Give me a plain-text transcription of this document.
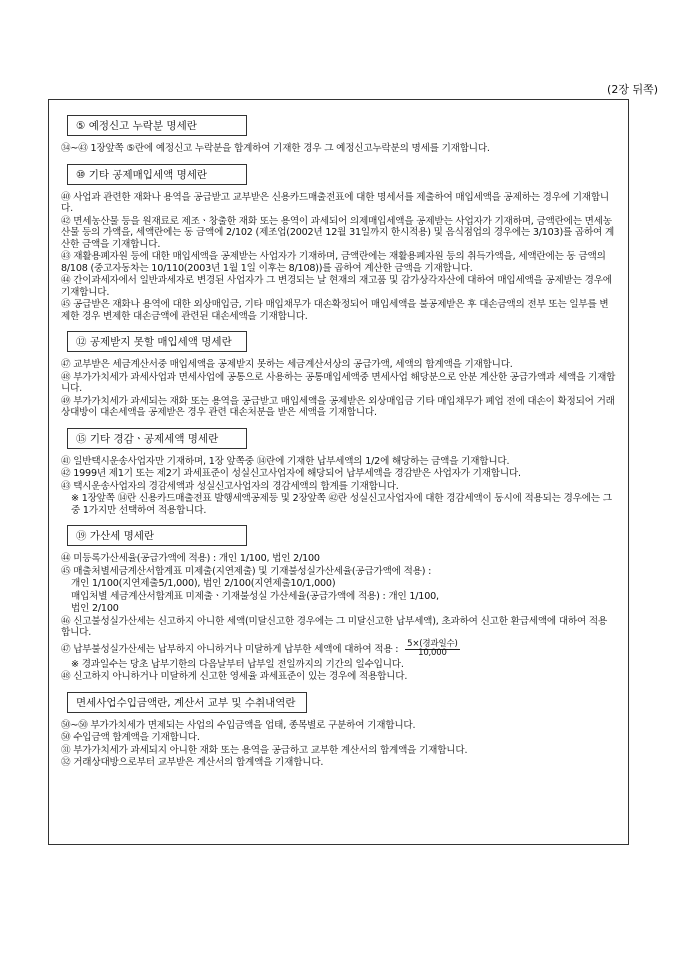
(2장 뒤쪽)
⑤ 예정신고 누락분 명세란

㉞~㊸ 1장앞쪽 ⑤란에 예정신고 누락분을 합계하여 기재한 경우 그 예정신고누락분의 명세를 기재합니다.

⑩ 기타 공제매입세액 명세란

㊵ 사업과 관련한 재화나 용역을 공급받고 교부받은 신용카드매출전표에 대한 명세서를 제출하여 매입세액을 공제하는 경우에 기재합니다.

㊷ 면세농산물 등을 원재료로 제조ㆍ창출한 재화 또는 용역이 과세되어 의제매입세액을 공제받는 사업자가 기재하며, 금액란에는 면세농산물 등의 가액을, 세액란에는 동 금액에 2/102 (제조업(2002년 12월 31일까지 한시적용) 및 음식점업의 경우에는 3/103)를 곱하여 계산한 금액을 기재합니다.

㊸ 재활용폐자원 등에 대한 매입세액을 공제받는 사업자가 기재하며, 금액란에는 재활용폐자원 등의 취득가액을, 세액란에는 동 금액의 8/108 (중고자동차는 10/110(2003년 1월 1일 이후는 8/108))를 곱하여 계산한 금액을 기재합니다.

㊹ 간이과세자에서 일반과세자로 변경된 사업자가 그 변경되는 날 현재의 재고품 및 감가상각자산에 대하여 매입세액을 공제받는 경우에 기재합니다.

㊺ 공급받은 재화나 용역에 대한 외상매입금, 기타 매입채무가 대손확정되어 매입세액을 불공제받은 후 대손금액의 전부 또는 일부를 변제한 경우 변제한 대손금액에 관련된 대손세액을 기재합니다.

⑫ 공제받지 못할 매입세액 명세란

㊼ 교부받은 세금계산서중 매입세액을 공제받지 못하는 세금계산서상의 공급가액, 세액의 합계액을 기재합니다.

㊽ 부가가치세가 과세사업과 면세사업에 공통으로 사용하는 공통매입세액중 면세사업 해당분으로 안분 계산한 공급가액과 세액을 기재합니다.

㊾ 부가가치세가 과세되는 재화 또는 용역을 공급받고 매입세액을 공제받은 외상매입금 기타 매입채무가 폐업 전에 대손이 확정되어 거래상대방이 대손세액을 공제받은 경우 관련 대손처분을 받은 세액을 기재합니다.

⑮ 기타 경감ㆍ공제세액 명세란

㊶ 일반택시운송사업자만 기재하며, 1장 앞쪽중 ⑭란에 기재한 납부세액의 1/2에 해당하는 금액을 기재합니다.

㊷ 1999년 제1기 또는 제2기 과세표준이 성실신고사업자에 해당되어 납부세액을 경감받은 사업자가 기재합니다.

㊸ 택시운송사업자의 경감세액과 성실신고사업자의 경감세액의 합계를 기재합니다.

※ 1장앞쪽 ⑭란 신용카드매출전표 발행세액공제등 및 2장앞쪽 ㊷란 성실신고사업자에 대한 경감세액이 동시에 적용되는 경우에는 그 중 1가지만 선택하여 적용합니다.

⑲ 가산세 명세란

㊹ 미등록가산세율(공급가액에 적용) : 개인 1/100, 법인 2/100

㊺ 매출처별세금계산서합계표 미제출(지연제출) 및 기재불성실가산세율(공급가액에 적용) :

개인 1/100(지연제출5/1,000), 법인 2/100(지연제출10/1,000)

매입처별 세금계산서합계표 미제출ㆍ기재불성실 가산세율(공급가액에 적용) : 개인 1/100,

법인 2/100

㊻ 신고불성실가산세는 신고하지 아니한 세액(미달신고한 경우에는 그 미달신고한 납부세액), 초과하여 신고한 환급세액에 대하여 적용합니다.

㊼ 납부불성실가산세는 납부하지 아니하거나 미달하게 납부한 세액에 대하여 적용 : 5×(경과일수)
10,000

※ 경과일수는 당초 납부기한의 다음날부터 납부일 전일까지의 기간의 일수입니다.

㊽ 신고하지 아니하거나 미달하게 신고한 영세율 과세표준이 있는 경우에 적용합니다.

면세사업수입금액란, 계산서 교부 및 수취내역란

㊿~㊿ 부가가치세가 면제되는 사업의 수입금액을 업태, 종목별로 구분하여 기재합니다.

㊿ 수입금액 합계액을 기재합니다.

㉛ 부가가치세가 과세되지 아니한 재화 또는 용역을 공급하고 교부한 계산서의 합계액을 기재합니다.

㉜ 거래상대방으로부터 교부받은 계산서의 합계액을 기재합니다.
